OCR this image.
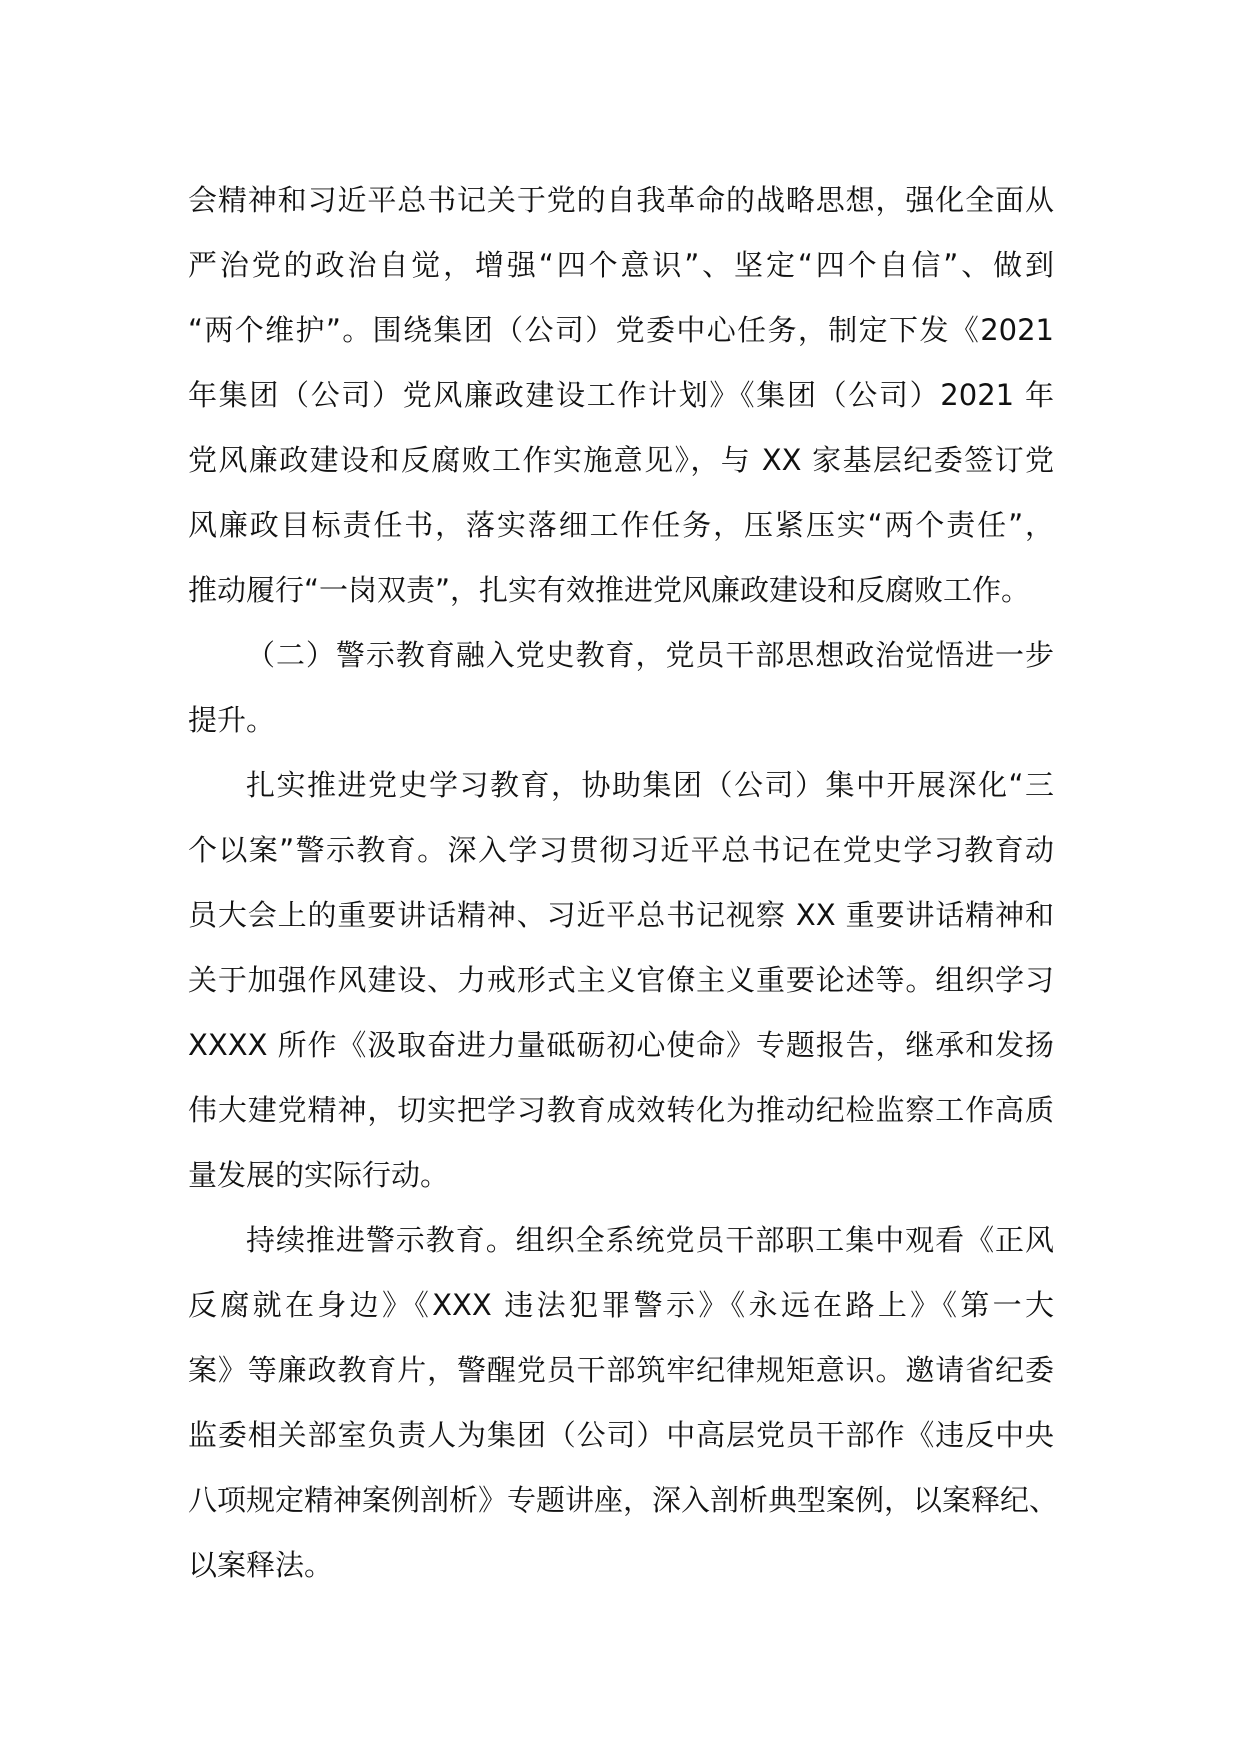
会精神和习近平总书记关于党的自我革命的战略思想，强化全面从
严治党的政治自觉，增强“四个意识”、坚定“四个自信”、做到
“两个维护”。围绕集团（公司）党委中心任务，制定下发《2021
年集团（公司）党风廉政建设工作计划》《集团（公司）2021 年
党风廉政建设和反腐败工作实施意见》，与 XX 家基层纪委签订党
风廉政目标责任书，落实落细工作任务，压紧压实“两个责任”，
推动履行“一岗双责”，扎实有效推进党风廉政建设和反腐败工作。
（二）警示教育融入党史教育，党员干部思想政治觉悟进一步
提升。
扎实推进党史学习教育，协助集团（公司）集中开展深化“三
个以案”警示教育。深入学习贯彻习近平总书记在党史学习教育动
员大会上的重要讲话精神、习近平总书记视察 XX 重要讲话精神和
关于加强作风建设、力戒形式主义官僚主义重要论述等。组织学习
XXXX 所作《汲取奋进力量砥砺初心使命》专题报告，继承和发扬
伟大建党精神，切实把学习教育成效转化为推动纪检监察工作高质
量发展的实际行动。
持续推进警示教育。组织全系统党员干部职工集中观看《正风
反腐就在身边》《XXX 违法犯罪警示》《永远在路上》《第一大
案》等廉政教育片，警醒党员干部筑牢纪律规矩意识。邀请省纪委
监委相关部室负责人为集团（公司）中高层党员干部作《违反中央
八项规定精神案例剖析》专题讲座，深入剖析典型案例，以案释纪、
以案释法。
